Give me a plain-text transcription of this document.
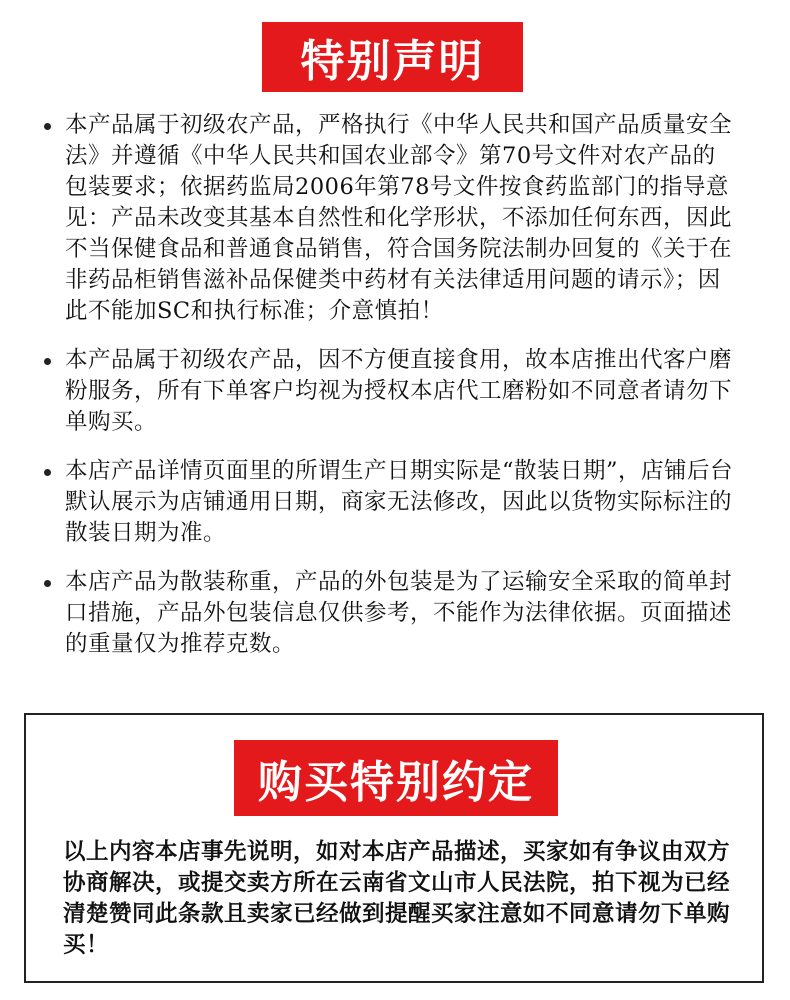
特别声明
本产品属于初级农产品，严格执行《中华人民共和国产品质量安全法》并遵循《中华人民共和国农业部令》第70号文件对农产品的包装要求；依据药监局2006年第78号文件按食药监部门的指导意见：产品未改变其基本自然性和化学形状，不添加任何东西，因此不当保健食品和普通食品销售，符合国务院法制办回复的《关于在非药品柜销售滋补品保健类中药材有关法律适用问题的请示》；因此不能加SC和执行标准；介意慎拍！
本产品属于初级农产品，因不方便直接食用，故本店推出代客户磨粉服务，所有下单客户均视为授权本店代工磨粉如不同意者请勿下单购买。
本店产品详情页面里的所谓生产日期实际是“散装日期”，店铺后台默认展示为店铺通用日期，商家无法修改，因此以货物实际标注的散装日期为准。
本店产品为散装称重，产品的外包装是为了运输安全采取的简单封口措施，产品外包装信息仅供参考，不能作为法律依据。页面描述的重量仅为推荐克数。
购买特别约定
以上内容本店事先说明，如对本店产品描述，买家如有争议由双方协商解决，或提交卖方所在云南省文山市人民法院，拍下视为已经清楚赞同此条款且卖家已经做到提醒买家注意如不同意请勿下单购买！
